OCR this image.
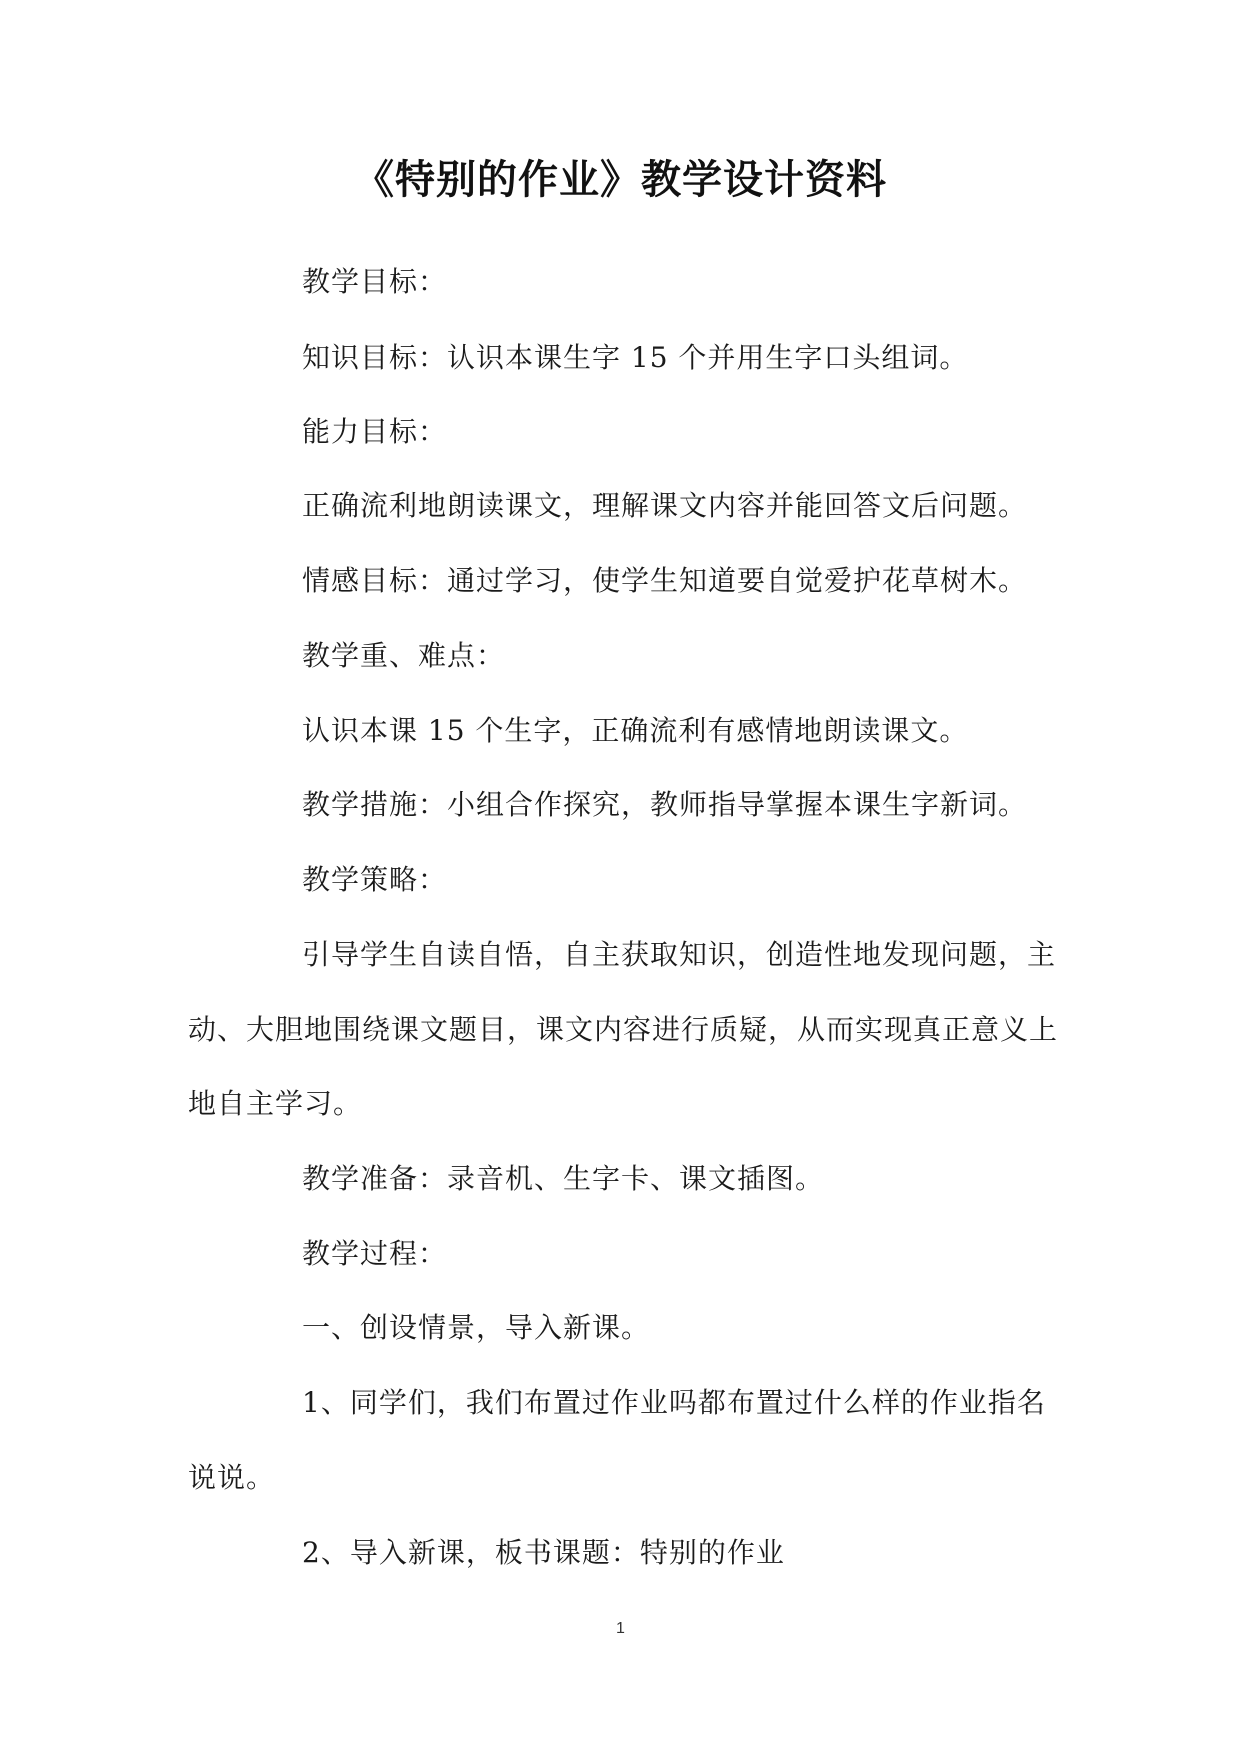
《特别的作业》教学设计资料
教学目标：
知识目标：认识本课生字 15 个并用生字口头组词。
能力目标：
正确流利地朗读课文，理解课文内容并能回答文后问题。
情感目标：通过学习，使学生知道要自觉爱护花草树木。
教学重、难点：
认识本课 15 个生字，正确流利有感情地朗读课文。
教学措施：小组合作探究，教师指导掌握本课生字新词。
教学策略：
引导学生自读自悟，自主获取知识，创造性地发现问题，主
动、大胆地围绕课文题目，课文内容进行质疑，从而实现真正意义上
地自主学习。
教学准备：录音机、生字卡、课文插图。
教学过程：
一、创设情景，导入新课。
1、同学们，我们布置过作业吗都布置过什么样的作业指名
说说。
2、导入新课，板书课题：特别的作业
1
